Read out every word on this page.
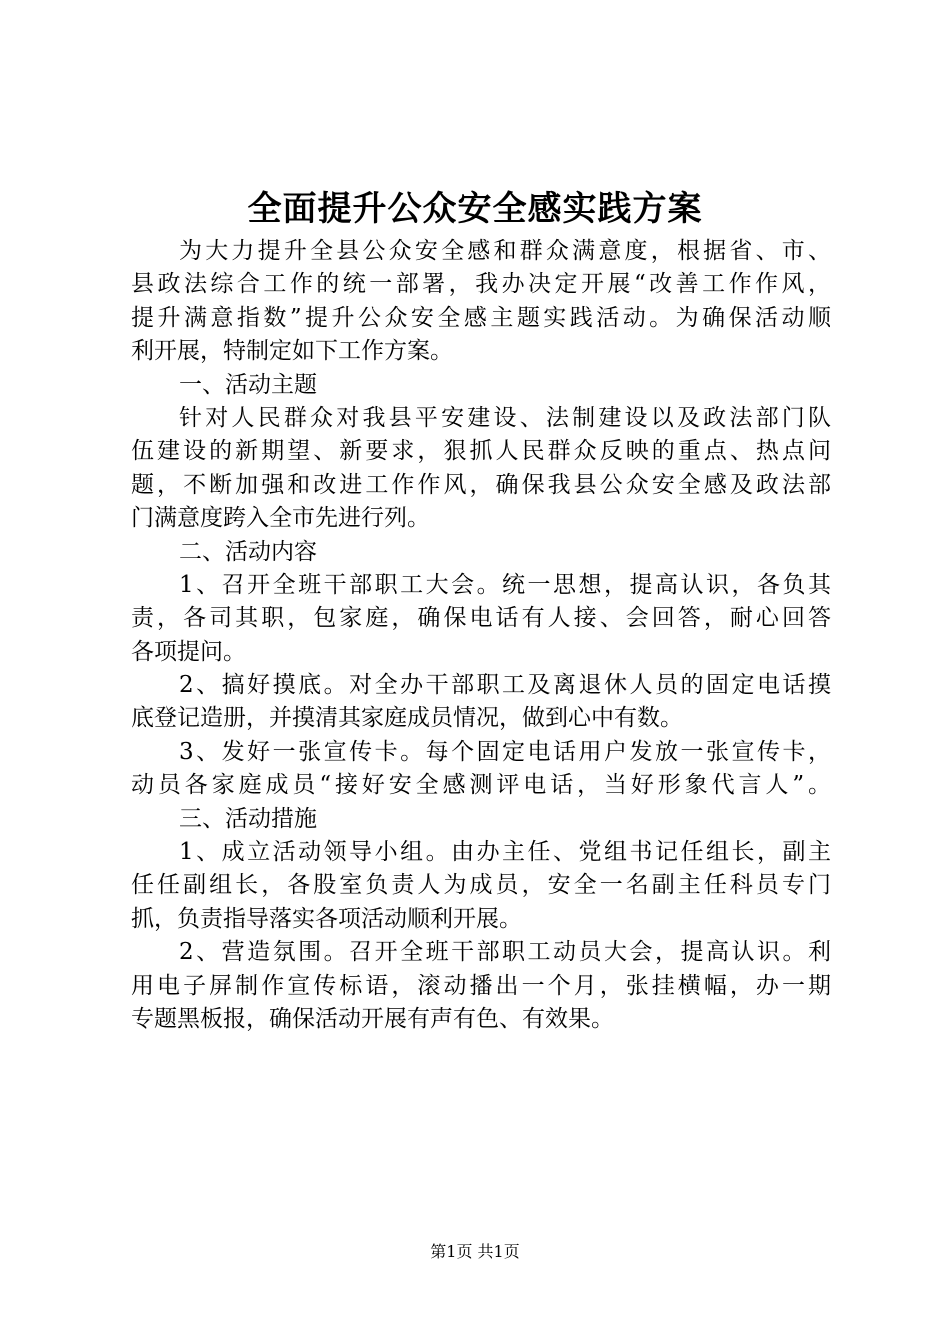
全面提升公众安全感实践方案
为大力提升全县公众安全感和群众满意度，根据省、市、
县政法综合工作的统一部署，我办决定开展“改善工作作风，
提升满意指数”提升公众安全感主题实践活动。为确保活动顺
利开展，特制定如下工作方案。
一、活动主题
针对人民群众对我县平安建设、法制建设以及政法部门队
伍建设的新期望、新要求，狠抓人民群众反映的重点、热点问
题，不断加强和改进工作作风，确保我县公众安全感及政法部
门满意度跨入全市先进行列。
二、活动内容
1、召开全班干部职工大会。统一思想，提高认识，各负其
责，各司其职，包家庭，确保电话有人接、会回答，耐心回答
各项提问。
2、搞好摸底。对全办干部职工及离退休人员的固定电话摸
底登记造册，并摸清其家庭成员情况，做到心中有数。
3、发好一张宣传卡。每个固定电话用户发放一张宣传卡，
动员各家庭成员“接好安全感测评电话，当好形象代言人”。
三、活动措施
1、成立活动领导小组。由办主任、党组书记任组长，副主
任任副组长，各股室负责人为成员，安全一名副主任科员专门
抓，负责指导落实各项活动顺利开展。
2、营造氛围。召开全班干部职工动员大会，提高认识。利
用电子屏制作宣传标语，滚动播出一个月，张挂横幅，办一期
专题黑板报，确保活动开展有声有色、有效果。
第1页 共1页
